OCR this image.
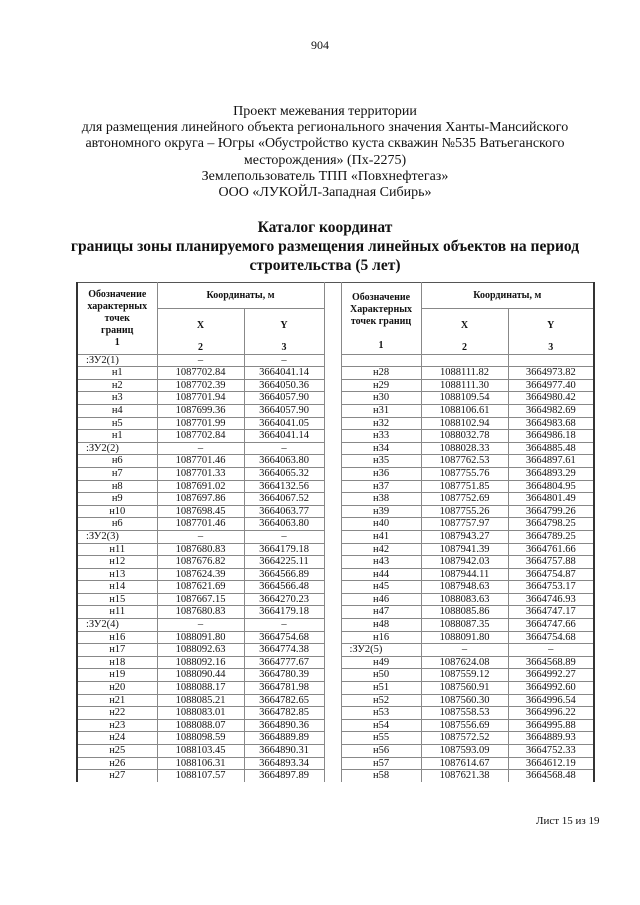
904
Проект межевания территории
для размещения линейного объекта регионального значения Ханты-Мансийского
автономного округа – Югры «Обустройство куста скважин №535 Ватьеганского
месторождения» (Пх-2275)
Землепользователь ТПП «Повхнефтегаз»
ООО «ЛУКОЙЛ-Западная Сибирь»
Каталог координат
границы зоны планируемого размещения линейных объектов на период
строительства (5 лет)
Обозначение
характерных
точек
границ
1	Координаты, м			Обозначение
Характерных
точек границ

1	Координаты, м	
	X	Y			X	Y
	2	3			2	3
:ЗУ2(1)	–	–				
н1	1087702.84	3664041.14		н28	1088111.82	3664973.82
н2	1087702.39	3664050.36		н29	1088111.30	3664977.40
н3	1087701.94	3664057.90		н30	1088109.54	3664980.42
н4	1087699.36	3664057.90		н31	1088106.61	3664982.69
н5	1087701.99	3664041.05		н32	1088102.94	3664983.68
н1	1087702.84	3664041.14		н33	1088032.78	3664986.18
:ЗУ2(2)	–	–		н34	1088028.33	3664885.48
н6	1087701.46	3664063.80		н35	1087762.53	3664897.61
н7	1087701.33	3664065.32		н36	1087755.76	3664893.29
н8	1087691.02	3664132.56		н37	1087751.85	3664804.95
н9	1087697.86	3664067.52		н38	1087752.69	3664801.49
н10	1087698.45	3664063.77		н39	1087755.26	3664799.26
н6	1087701.46	3664063.80		н40	1087757.97	3664798.25
:ЗУ2(3)	–	–		н41	1087943.27	3664789.25
н11	1087680.83	3664179.18		н42	1087941.39	3664761.66
н12	1087676.82	3664225.11		н43	1087942.03	3664757.88
н13	1087624.39	3664566.89		н44	1087944.11	3664754.87
н14	1087621.69	3664566.48		н45	1087948.63	3664753.17
н15	1087667.15	3664270.23		н46	1088083.63	3664746.93
н11	1087680.83	3664179.18		н47	1088085.86	3664747.17
:ЗУ2(4)	–	–		н48	1088087.35	3664747.66
н16	1088091.80	3664754.68		н16	1088091.80	3664754.68
н17	1088092.63	3664774.38		:ЗУ2(5)	–	–
н18	1088092.16	3664777.67		н49	1087624.08	3664568.89
н19	1088090.44	3664780.39		н50	1087559.12	3664992.27
н20	1088088.17	3664781.98		н51	1087560.91	3664992.60
н21	1088085.21	3664782.65		н52	1087560.30	3664996.54
н22	1088083.01	3664782.85		н53	1087558.53	3664996.22
н23	1088088.07	3664890.36		н54	1087556.69	3664995.88
н24	1088098.59	3664889.89		н55	1087572.52	3664889.93
н25	1088103.45	3664890.31		н56	1087593.09	3664752.33
н26	1088106.31	3664893.34		н57	1087614.67	3664612.19
н27	1088107.57	3664897.89		н58	1087621.38	3664568.48
Лист 15 из 19
